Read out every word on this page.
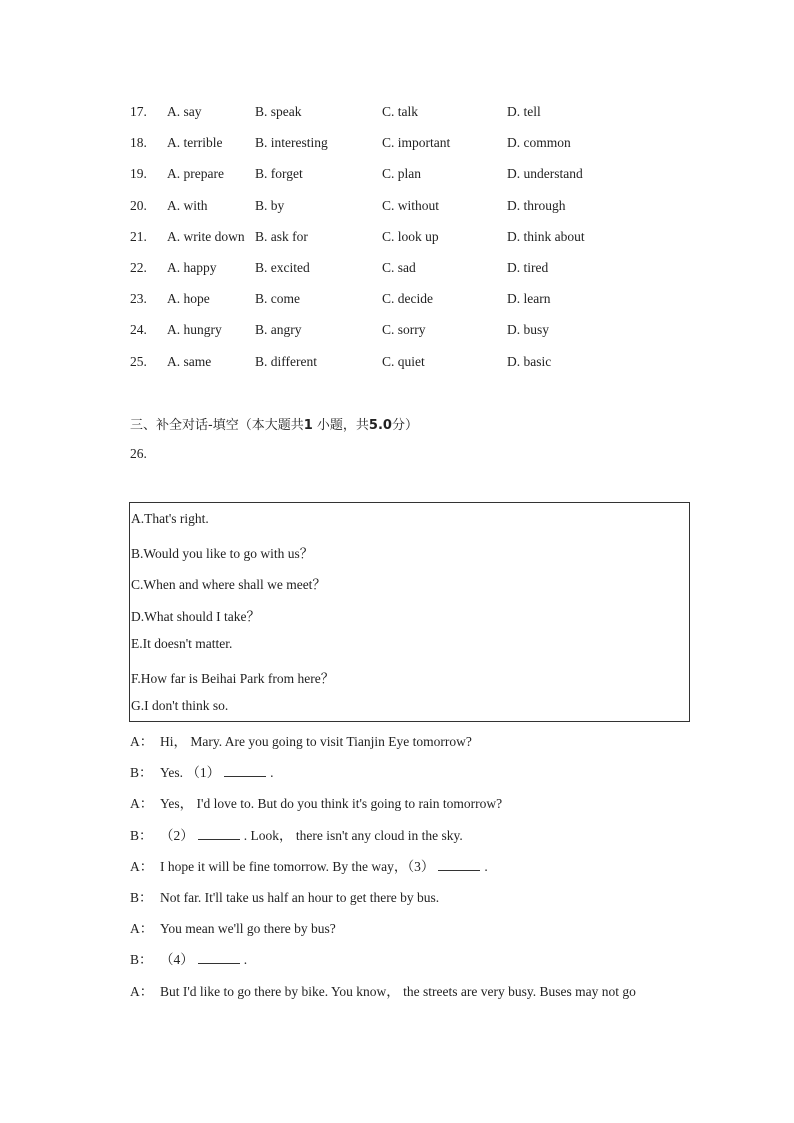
17. A. say	B. speak	C. talk	D. tell
18. A. terrible B. interesting	C. important	D. common
19. A. prepare B. forget	C. plan	D. understand
20. A. with	B. by	C. without	D. through
21. A. write down B. ask for	C. look up	D. think about
22. A. happy	B. excited	C. sad	D. tired
23. A. hope	B. come	C. decide	D. learn
24. A. hungry B. angry	C. sorry	D. busy
25. A. same	B. different	C. quiet	D. basic
三、补全对话-填空（本大题共1 小题，共5.0分）
26.
A.That's right.
B.Would you like to go with us？
C.When and where shall we meet？
D.What should I take？
E.It doesn't matter.
F.How far is Beihai Park from here？
G.I don't think so.
A： Hi， Mary. Are you going to visit Tianjin Eye tomorrow?
B： Yes. （1）	.
A： Yes， I'd love to. But do you think it's going to rain tomorrow?
B： （2）	. Look， there isn't any cloud in the sky.
A： I hope it will be fine tomorrow. By the way，（3）	.
B： Not far. It'll take us half an hour to get there by bus.
A： You mean we'll go there by bus?
B： （4）	.
A： But I'd like to go there by bike. You know， the streets are very busy. Buses may not go
